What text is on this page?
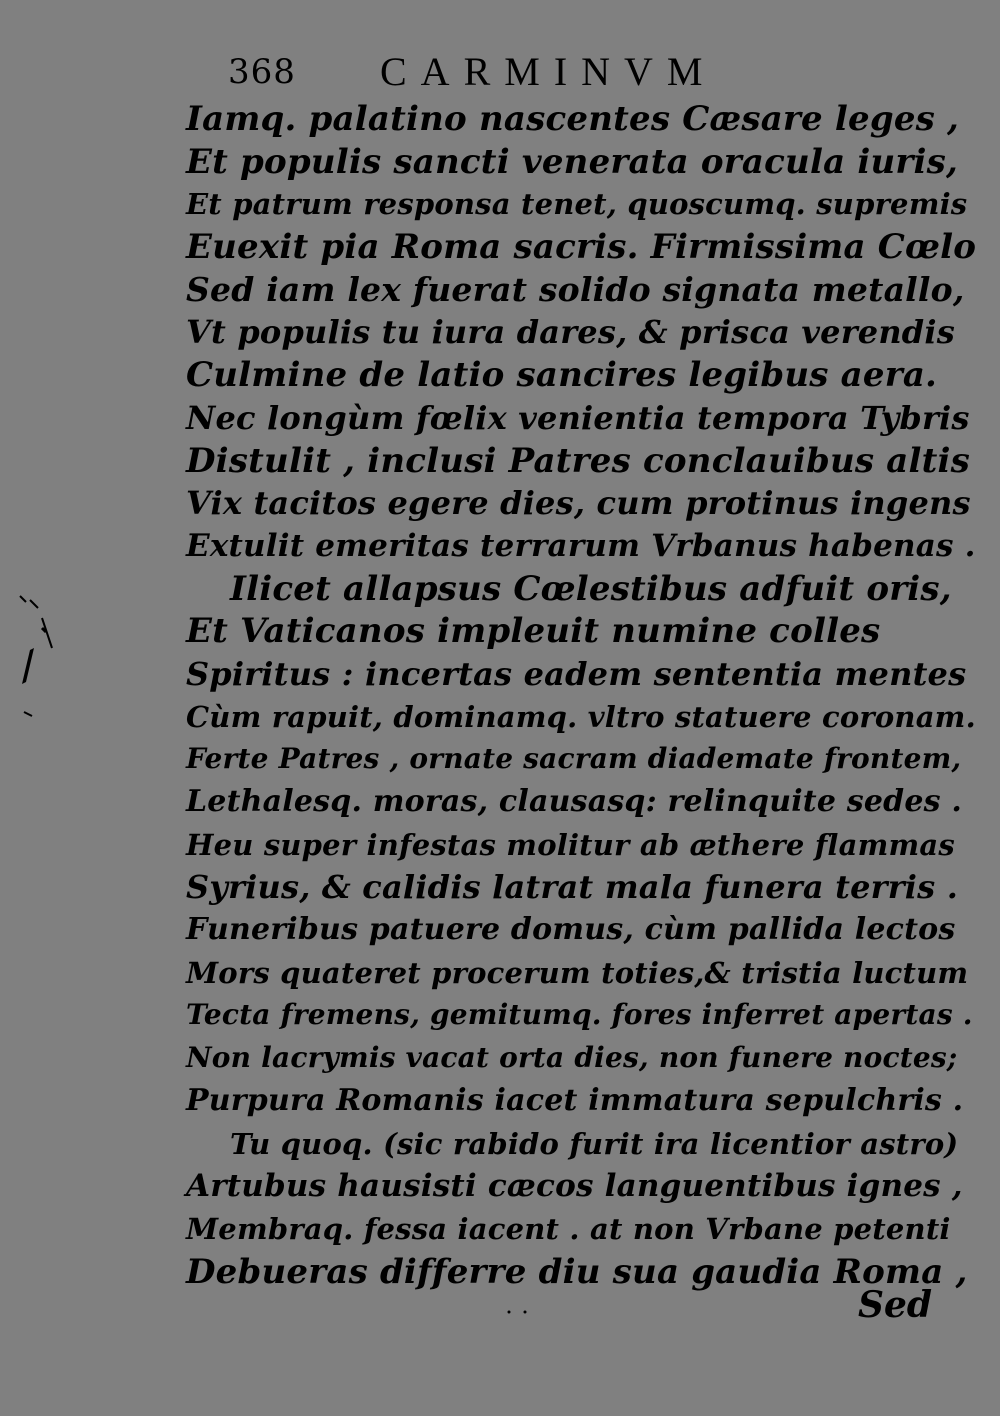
368 CARMINVM
Iamq. palatino nascentes Cæsare leges ,
Et populis sancti venerata oracula iuris,
Et patrum responsa tenet, quoscumq. supremis
Euexit pia Roma sacris. Firmissima Cœlo
Sed iam lex fuerat solido signata metallo,
Vt populis tu iura dares, & prisca verendis
Culmine de latio sancires legibus aera.
Nec longùm fœlix venientia tempora Tybris
Distulit , inclusi Patres conclauibus altis
Vix tacitos egere dies, cum protinus ingens
Extulit emeritas terrarum Vrbanus habenas .
Ilicet allapsus Cœlestibus adfuit oris,
Et Vaticanos impleuit numine colles
Spiritus : incertas eadem sententia mentes
Cùm rapuit, dominamq. vltro statuere coronam.
Ferte Patres , ornate sacram diademate frontem,
Lethalesq. moras, clausasq: relinquite sedes .
Heu super infestas molitur ab æthere flammas
Syrius, & calidis latrat mala funera terris .
Funeribus patuere domus, cùm pallida lectos
Mors quateret procerum toties,& tristia luctum
Tecta fremens, gemitumq. fores inferret apertas .
Non lacrymis vacat orta dies, non funere noctes;
Purpura Romanis iacet immatura sepulchris .
Tu quoq. (sic rabido furit ira licentior astro)
Artubus hausisti cæcos languentibus ignes ,
Membraq. fessa iacent . at non Vrbane petenti
Debueras differre diu sua gaudia Roma ,
Sed
